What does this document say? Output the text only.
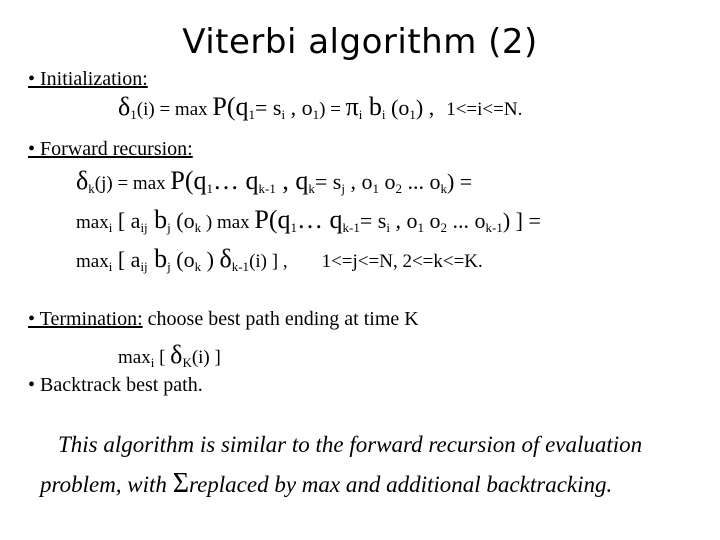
Viterbi algorithm (2)
• Initialization:
$\delta_1(i) = \max P(q_1= s_i$ , $o_1) = \pi_i$ $b_i$ $(o_1)$ , 1<=i<=N.
• Forward recursion:
$\delta_k(j) = \max$ $P(q_1\dots$ $q_{k-1}$ , $q_k= s_j$ , $o_1$ $o_2$ ... $o_k$) =
$\max_i$ [ $a_{ij}$ $b_j$ ($o_k$ ) $\max P(q_1\dots$ $q_{k-1}= s_i$ , $o_1$ $o_2$ ... $o_{k-1}$) ] =
$\max_i$ [ $a_{ij}$ $b_j$ ($o_k$ ) $\delta_{k-1}(i)$ ] , 1<=j<=N, 2<=k<=K.
• Termination: choose best path ending at time K
$\max_i$ [ $\delta_K(i)$ ]
• Backtrack best path.
This algorithm is similar to the forward recursion of evaluation
problem, with Σreplaced by max and additional backtracking.
